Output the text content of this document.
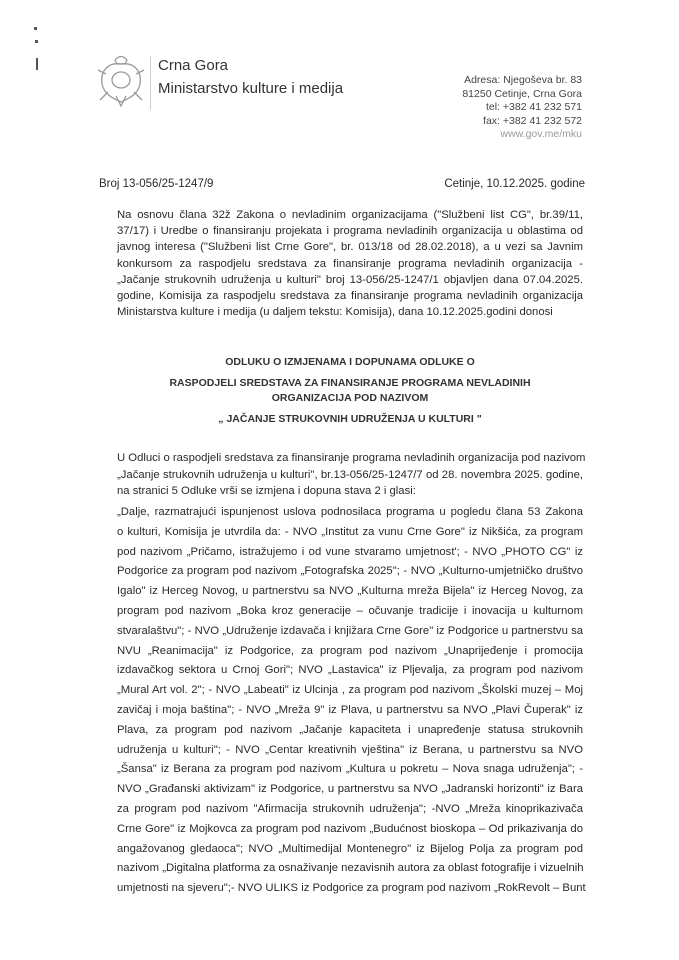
Crna Gora
Ministarstvo kulture i medija	Adresa: Njegoševa br. 83
81250 Cetinje, Crna Gora
tel: +382 41 232 571
fax: +382 41 232 572
www.gov.me/mku
Broj 13-056/25-1247/9	Cetinje, 10.12.2025. godine
Na osnovu člana 32ž Zakona o nevladinim organizacijama ("Službeni list CG", br.39/11,
37/17) i Uredbe o finansiranju projekata i programa nevladinih organizacija u oblastima od
javnog interesa ("Službeni list Crne Gore", br. 013/18 od 28.02.2018), a u vezi sa Javnim
konkursom za raspodjelu sredstava za finansiranje programa nevladinih organizacija -
„Jačanje strukovnih udruženja u kulturi" broj 13-056/25-1247/1 objavljen dana 07.04.2025.
godine, Komisija za raspodjelu sredstava za finansiranje programa nevladinih organizacija
Ministarstva kulture i medija (u daljem tekstu: Komisija), dana 10.12.2025.godini donosi
ODLUKU O IZMJENAMA I DOPUNAMA ODLUKE O
RASPODJELI SREDSTAVA ZA FINANSIRANJE PROGRAMA NEVLADINIH
ORGANIZACIJA POD NAZIVOM
„ JAČANJE STRUKOVNIH UDRUŽENJA U KULTURI "
U Odluci o raspodjeli sredstava za finansiranje programa nevladinih organizacija pod nazivom
„Jačanje strukovnih udruženja u kulturi", br.13-056/25-1247/7 od 28. novembra 2025. godine,
na stranici 5 Odluke vrši se izmjena i dopuna stava 2 i glasi:
„Dalje, razmatrajući ispunjenost uslova podnosilaca programa u pogledu člana 53 Zakona
o kulturi, Komisija je utvrdila da: - NVO „Institut za vunu Crne Gore" iz Nikšića, za program
pod nazivom „Pričamo, istražujemo i od vune stvaramo umjetnost'; - NVO „PHOTO CG" iz
Podgorice za program pod nazivom „Fotografska 2025"; - NVO „Kulturno-umjetničko društvo
Igalo" iz Herceg Novog, u partnerstvu sa NVO „Kulturna mreža Bijela" iz Herceg Novog, za
program pod nazivom „Boka kroz generacije – očuvanje tradicije i inovacija u kulturnom
stvaralaštvu"; - NVO „Udruženje izdavača i knjižara Crne Gore" iz Podgorice u partnerstvu sa
NVU „Reanimacija" iz Podgorice, za program pod nazivom „Unaprijeđenje i promocija
izdavačkog sektora u Crnoj Gori"; NVO „Lastavica" iz Pljevalja, za program pod nazivom
„Mural Art vol. 2"; - NVO „Labeati" iz Ulcinja , za program pod nazivom „Školski muzej – Moj
zavičaj i moja baština"; - NVO „Mreža 9" iz Plava, u partnerstvu sa NVO „Plavi Čuperak" iz
Plava, za program pod nazivom „Jačanje kapaciteta i unapređenje statusa strukovnih
udruženja u kulturi"; - NVO „Centar kreativnih vještina" iz Berana, u partnerstvu sa NVO
„Šansa" iz Berana za program pod nazivom „Kultura u pokretu – Nova snaga udruženja"; -
NVO „Građanski aktivizam" iz Podgorice, u partnerstvu sa NVO „Jadranski horizonti" iz Bara
za program pod nazivom "Afirmacija strukovnih udruženja"; -NVO „Mreža kinoprikazivača
Crne Gore" iz Mojkovca za program pod nazivom „Budućnost bioskopa – Od prikazivanja do
angažovanog gledaoca"; NVO „Multimedijal Montenegro" iz Bijelog Polja za program pod
nazivom „Digitalna platforma za osnaživanje nezavisnih autora za oblast fotografije i vizuelnih
umjetnosti na sjeveru";- NVO ULIKS iz Podgorice za program pod nazivom „RokRevolt – Bunt
